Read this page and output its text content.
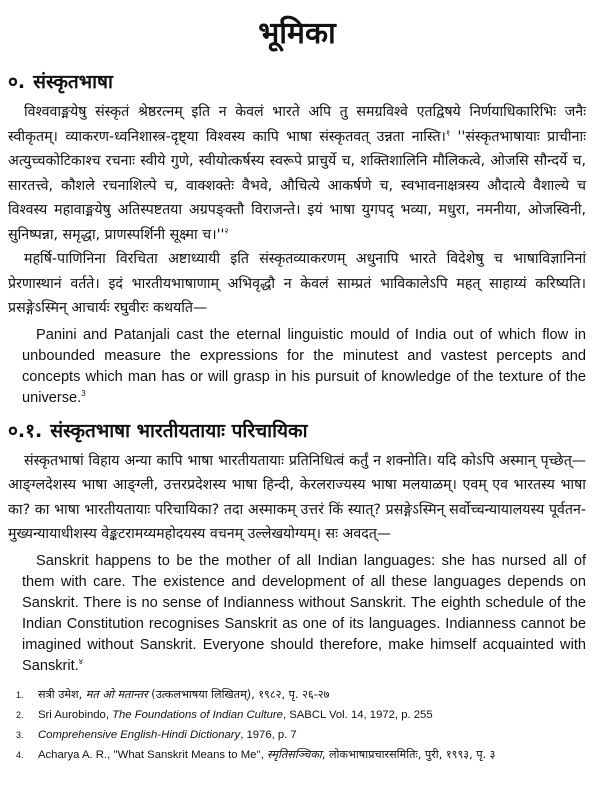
भूमिका
०. संस्कृतभाषा

विश्ववाङ्मयेषु संस्कृतं श्रेष्ठरत्नम् इति न केवलं भारते अपि तु समग्रविश्वे एतद्विषये निर्णयाधिकारिभिः जनैः स्वीकृतम्। व्याकरण-ध्वनिशास्त्र-दृष्ट्या विश्वस्य कापि भाषा संस्कृतवत् उन्नता नास्ति।$^१$ ''संस्कृतभाषायाः प्राचीनाः अत्युच्चकोटिकाश्च रचनाः स्वीये गुणे, स्वीयोत्कर्षस्य स्वरूपे प्राचुर्ये च, शक्तिशालिनि मौलिकत्वे, ओजसि सौन्दर्ये च, सारतत्त्वे, कौशले रचनाशिल्पे च, वाक्शक्तेः वैभवे, औचित्ये आकर्षणे च, स्वभावनाक्षत्रस्य औदात्ये वैशाल्ये च विश्वस्य महावाङ्मयेषु अतिस्पष्टतया अग्रपङ्क्तौ विराजन्ते। इयं भाषा युगपद् भव्या, मधुरा, नमनीया, ओजस्विनी, सुनिष्पन्ना, समृद्धा, प्राणस्पर्शिनी सूक्ष्मा $च।''^२$

महर्षि-पाणिनिना विरचिता अष्टाध्यायी इति संस्कृतव्याकरणम् अधुनापि भारते विदेशेषु च भाषाविज्ञानिनां प्रेरणास्थानं वर्तते। इदं भारतीयभाषाणाम् अभिवृद्धौ न केवलं साम्प्रतं भाविकालेऽपि महत् साहाय्यं करिष्यति। प्रसङ्गेऽस्मिन् आचार्यः रघुवीरः कथयति—

Panini and Patanjali cast the eternal linguistic mould of India out of which flow in unbounded measure the expressions for the minutest and vastest percepts and concepts which man has or will grasp in his pursuit of knowledge of the texture of the universe.$^3$

०.१. संस्कृतभाषा भारतीयतायाः परिचायिका

संस्कृतभाषां विहाय अन्या कापि भाषा भारतीयतायाः प्रतिनिधित्वं कर्तुं न शक्नोति। यदि कोऽपि अस्मान् पृच्छेत्—आङ्ग्लदेशस्य भाषा आङ्ग्ली, उत्तरप्रदेशस्य भाषा हिन्दी, केरलराज्यस्य भाषा मलयाळम्। एवम् एव भारतस्य भाषा का? का भाषा भारतीयतायाः परिचायिका? तदा अस्माकम् उत्तरं किं स्यात्? प्रसङ्गेऽस्मिन् सर्वोच्चन्यायालयस्य पूर्वतन-मुख्यन्यायाधीशस्य वेङ्कटरामय्यमहोदयस्य वचनम् उल्लेखयोग्यम्। सः अवदत्—

Sanskrit happens to be the mother of all Indian languages: she has nursed all of them with care. The existence and development of all these languages depends on Sanskrit. There is no sense of Indianness without Sanskrit. The eighth schedule of the Indian Constitution recognises Sanskrit as one of its languages. Indianness cannot be imagined without Sanskrit. Everyone should therefore, make himself acquainted with Sanskrit.$^४$

1.	सत्री उमेश, मत ओ मतान्तर (उत्कलभाषया लिखितम्), १९८२, पृ. २६-२७
2.	Sri Aurobindo, The Foundations of Indian Culture, SABCL Vol. 14, 1972, p. 255
3.	Comprehensive English-Hindi Dictionary, 1976, p. 7
4.	Acharya A. R., ''What Sanskrit Means to Me'', स्मृतिसञ्चिका, लोकभाषाप्रचारसमितिः, पुरी, १९९३, पृ. ३
